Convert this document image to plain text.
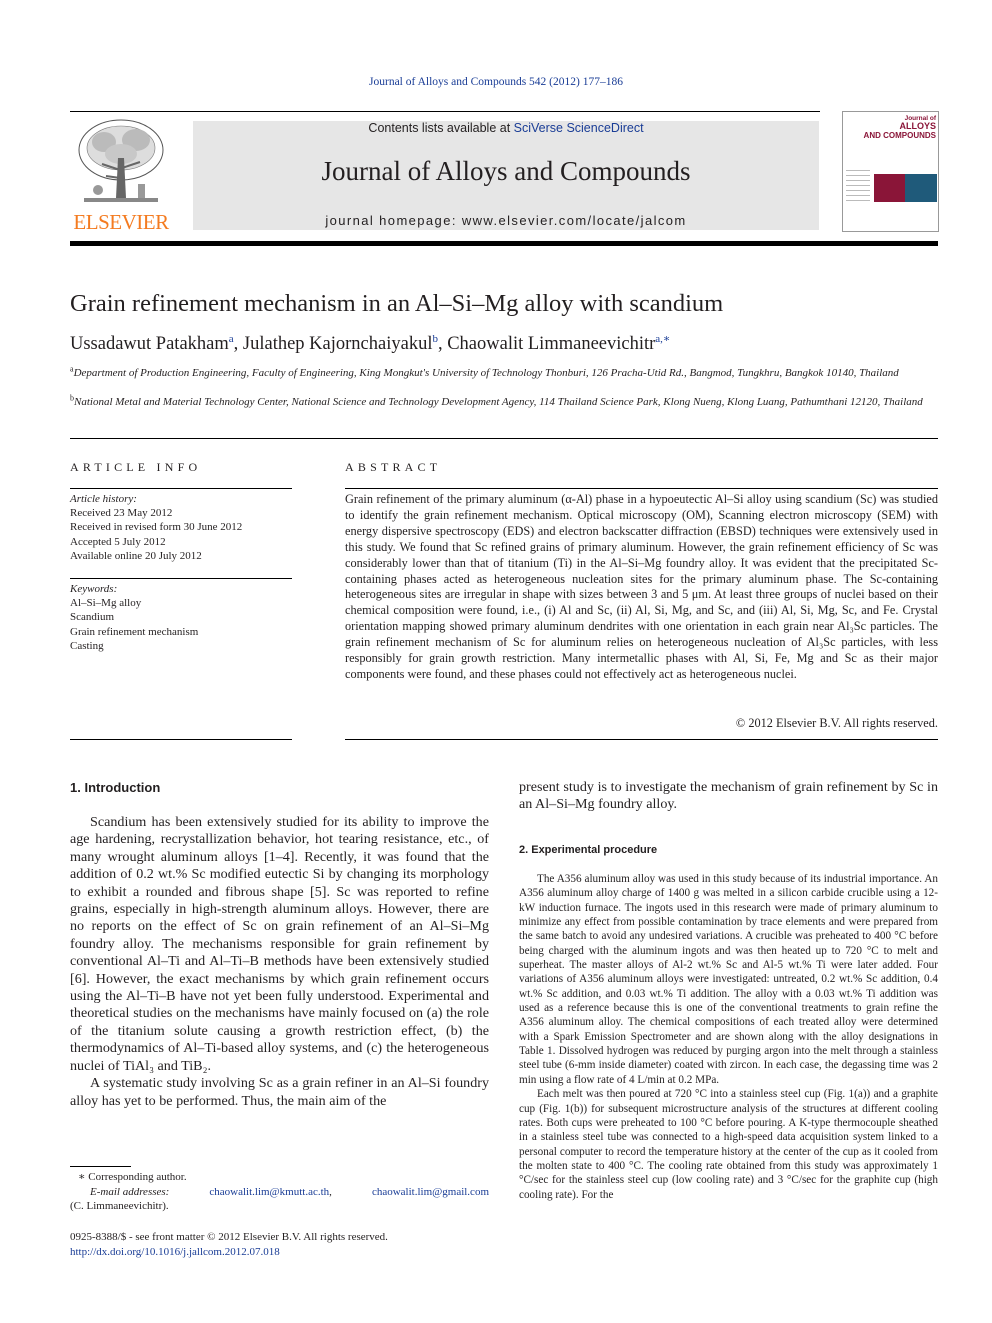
Journal of Alloys and Compounds 542 (2012) 177–186
ELSEVIER
Contents lists available at SciVerse ScienceDirect
Journal of Alloys and Compounds
journal homepage: www.elsevier.com/locate/jalcom
Journal of
ALLOYS
AND COMPOUNDS
Grain refinement mechanism in an Al–Si–Mg alloy with scandium
Ussadawut Patakham$^a$, Julathep Kajornchaiyakul$^b$, Chaowalit Limmaneevichitr$^{a,∗}$
$^a$Department of Production Engineering, Faculty of Engineering, King Mongkut's University of Technology Thonburi, 126 Pracha-Utid Rd., Bangmod, Tungkhru, Bangkok 10140, Thailand
$^b$National Metal and Material Technology Center, National Science and Technology Development Agency, 114 Thailand Science Park, Klong Nueng, Klong Luang, Pathumthani 12120, Thailand
ARTICLE INFO	ABSTRACT
Article history:
Received 23 May 2012
Received in revised form 30 June 2012
Accepted 5 July 2012
Available online 20 July 2012
Keywords:
Al–Si–Mg alloy
Scandium
Grain refinement mechanism
Casting
Grain refinement of the primary aluminum (α-Al) phase in a hypoeutectic Al–Si alloy using scandium (Sc) was studied to identify the grain refinement mechanism. Optical microscopy (OM), Scanning electron microscopy (SEM) with energy dispersive spectroscopy (EDS) and electron backscatter diffraction (EBSD) techniques were extensively used in this study. We found that Sc refined grains of primary aluminum. However, the grain refinement efficiency of Sc was considerably lower than that of titanium (Ti) in the Al–Si–Mg foundry alloy. It was evident that the precipitated Sc-containing phases acted as heterogeneous nucleation sites for the primary aluminum phase. The Sc-containing heterogeneous sites are irregular in shape with sizes between 3 and 5 μm. At least three groups of nuclei based on their chemical composition were found, i.e., (i) Al and Sc, (ii) Al, Si, Mg, and Sc, and (iii) Al, Si, Mg, Sc, and Fe. Crystal orientation mapping showed primary aluminum dendrites with one orientation in each grain near Al₃Sc particles. The grain refinement mechanism of Sc for aluminum relies on heterogeneous nucleation of Al₃Sc particles, with less responsibly for grain growth restriction. Many intermetallic phases with Al, Si, Fe, Mg and Sc as their major components were found, and these phases could not effectively act as heterogeneous nuclei.
© 2012 Elsevier B.V. All rights reserved.
1. Introduction

Scandium has been extensively studied for its ability to improve the age hardening, recrystallization behavior, hot tearing resistance, etc., of many wrought aluminum alloys [1–4]. Recently, it was found that the addition of 0.2 wt.% Sc modified eutectic Si by changing its morphology to exhibit a rounded and fibrous shape [5]. Sc was reported to refine grains, especially in high-strength aluminum alloys. However, there are no reports on the effect of Sc on grain refinement of an Al–Si–Mg foundry alloy. The mechanisms responsible for grain refinement by conventional Al–Ti and Al–Ti–B methods have been extensively studied [6]. However, the exact mechanisms by which grain refinement occurs using the Al–Ti–B have not yet been fully understood. Experimental and theoretical studies on the mechanisms have mainly focused on (a) the role of the titanium solute causing a growth restriction effect, (b) the thermodynamics of Al–Ti-based alloy systems, and (c) the heterogeneous nuclei of TiAl₃ and TiB₂.

A systematic study involving Sc as a grain refiner in an Al–Si foundry alloy has yet to be performed. Thus, the main aim of the

present study is to investigate the mechanism of grain refinement by Sc in an Al–Si–Mg foundry alloy.
2. Experimental procedure

The A356 aluminum alloy was used in this study because of its industrial importance. An A356 aluminum alloy charge of 1400 g was melted in a silicon carbide crucible using a 12-kW induction furnace. The ingots used in this research were made of primary aluminum to minimize any effect from possible contamination by trace elements and were prepared from the same batch to avoid any undesired variations. A crucible was preheated to 400 °C before being charged with the aluminum ingots and was then heated up to 720 °C to melt and superheat. The master alloys of Al-2 wt.% Sc and Al-5 wt.% Ti were later added. Four variations of A356 aluminum alloys were investigated: untreated, 0.2 wt.% Sc addition, 0.4 wt.% Sc addition, and 0.03 wt.% Ti addition. The alloy with a 0.03 wt.% Ti addition was used as a reference because this is one of the conventional treatments to grain refine the A356 aluminum alloy. The chemical compositions of each treated alloy were determined with a Spark Emission Spectrometer and are shown along with the alloy designations in Table 1. Dissolved hydrogen was reduced by purging argon into the melt through a stainless steel tube (6-mm inside diameter) coated with zircon. In each case, the degassing time was 2 min using a flow rate of 4 L/min at 0.2 MPa.

Each melt was then poured at 720 °C into a stainless steel cup (Fig. 1(a)) and a graphite cup (Fig. 1(b)) for subsequent microstructure analysis of the structures at different cooling rates. Both cups were preheated to 100 °C before pouring. A K-type thermocouple sheathed in a stainless steel tube was connected to a high-speed data acquisition system linked to a personal computer to record the temperature history at the center of the cup as it cooled from the molten state to 400 °C. The cooling rate obtained from this study was approximately 1 °C/sec for the stainless steel cup (low cooling rate) and 3 °C/sec for the graphite cup (high cooling rate). For the

∗ Corresponding author.
E-mail addresses:	chaowalit.lim@kmutt.ac.th,	chaowalit.lim@gmail.com
(C. Limmaneevichitr).
0925-8388/$ - see front matter © 2012 Elsevier B.V. All rights reserved.
http://dx.doi.org/10.1016/j.jallcom.2012.07.018
